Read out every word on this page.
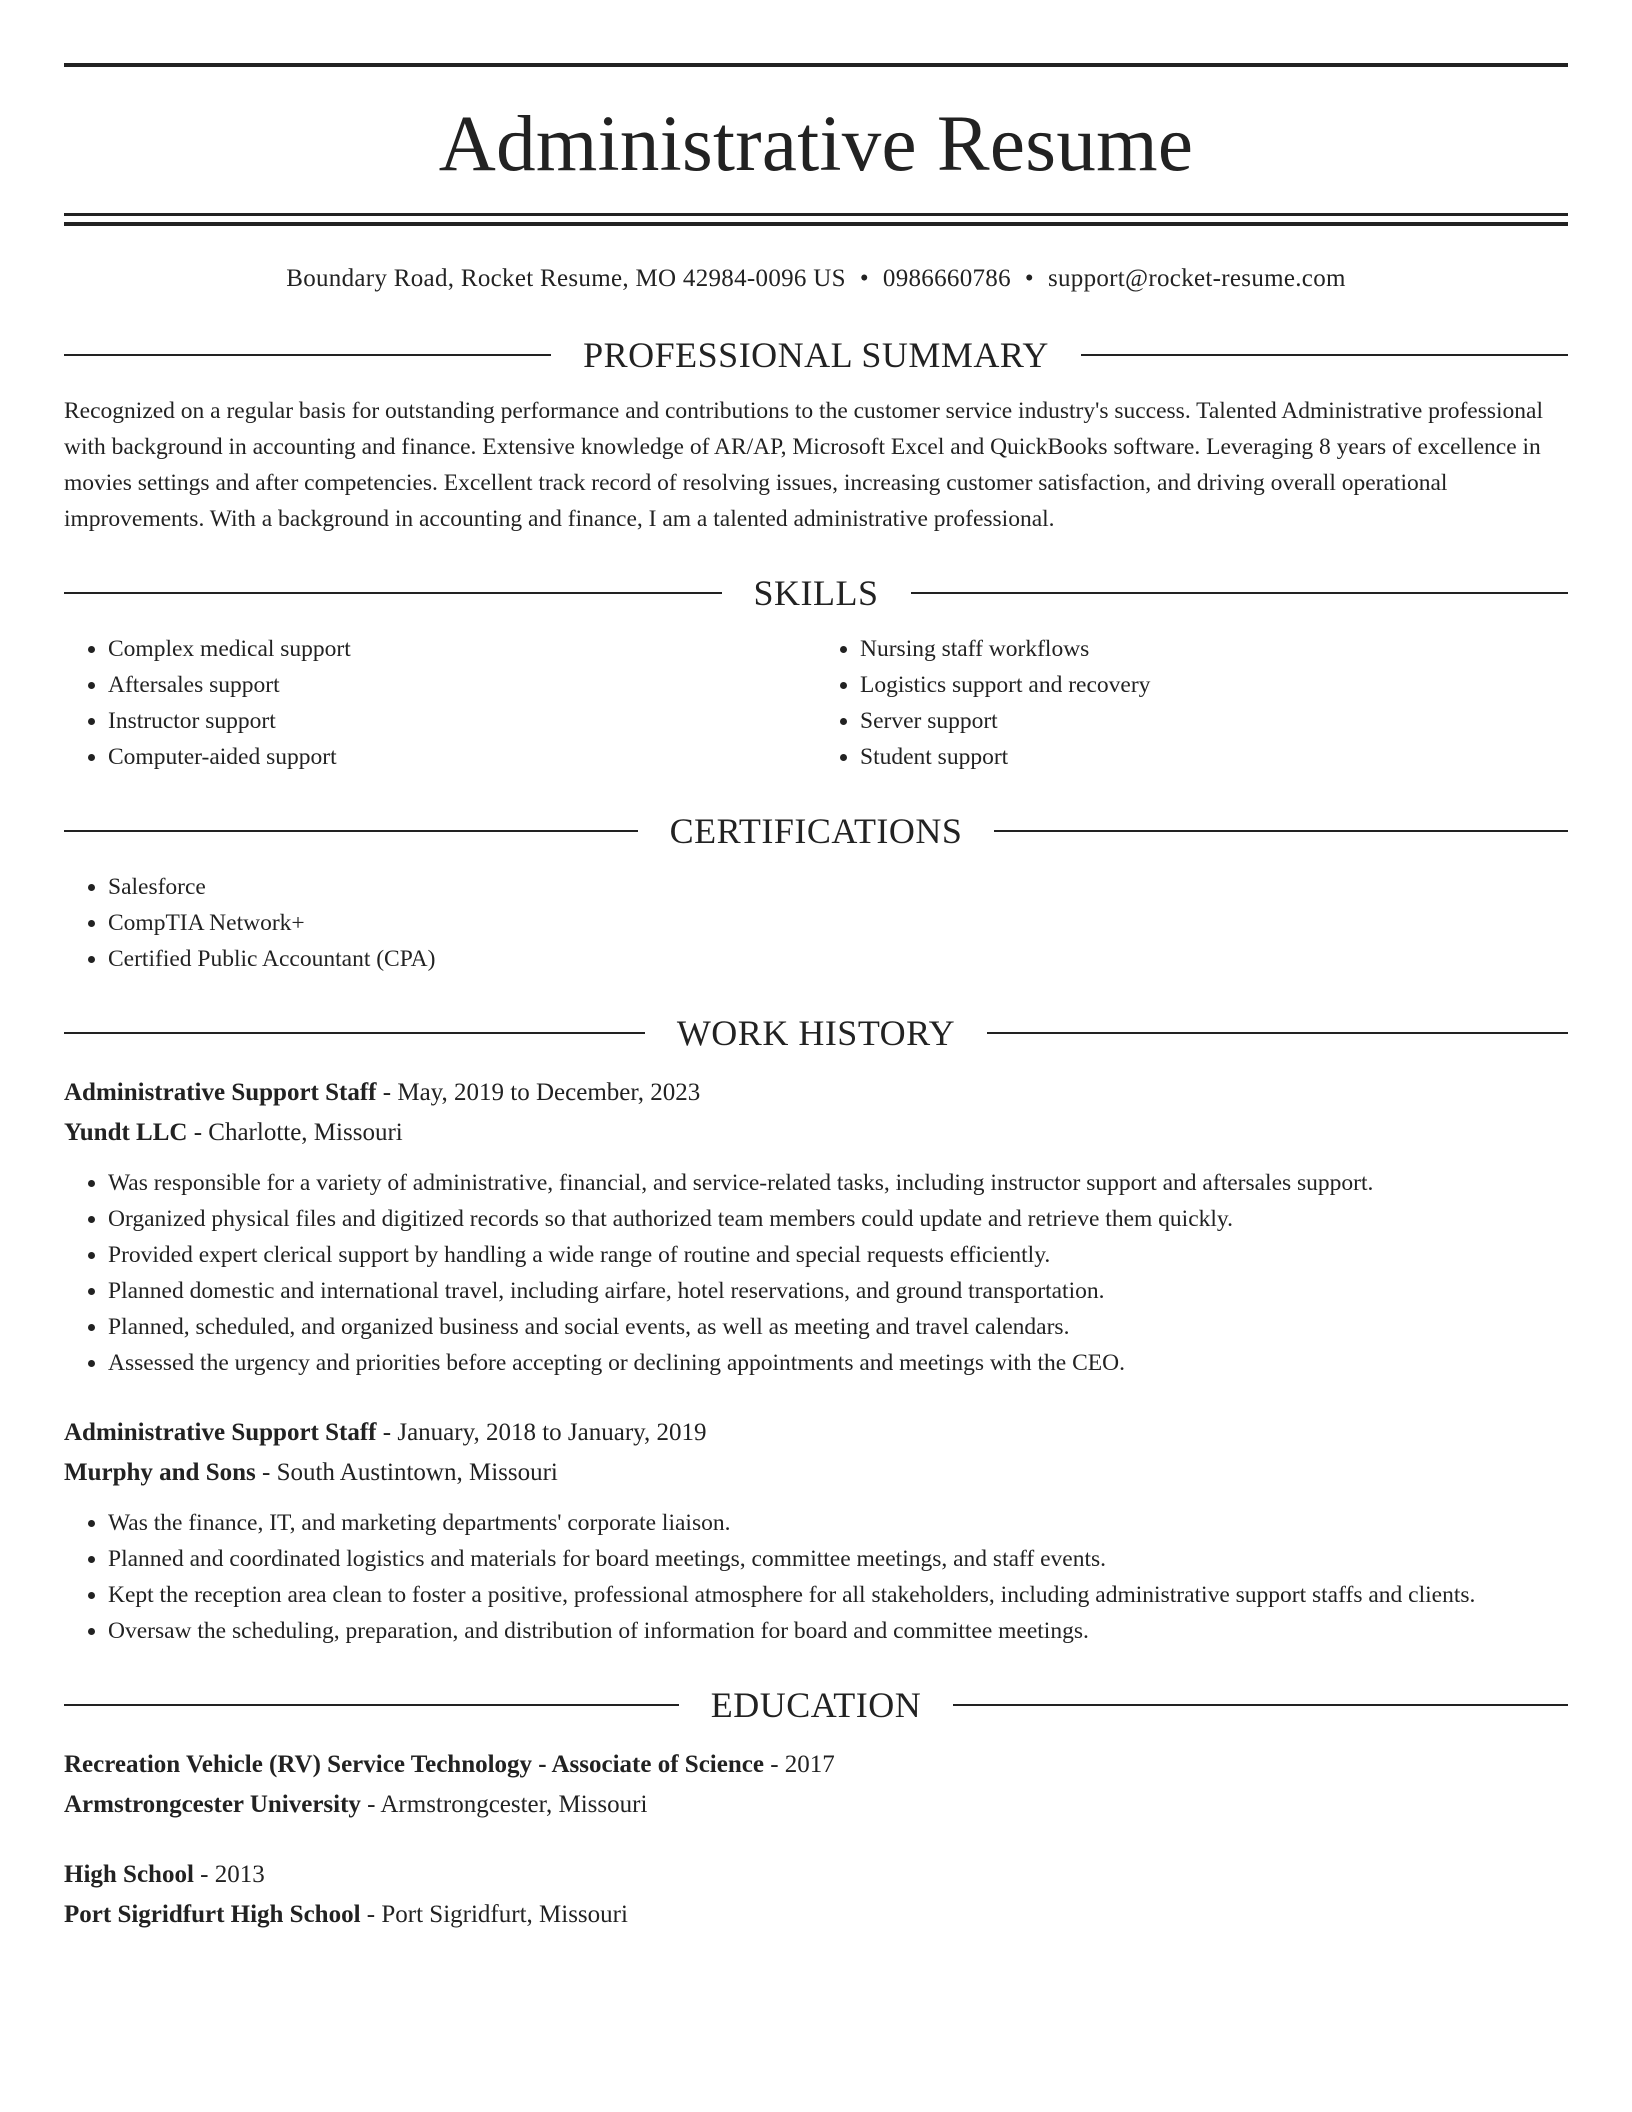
Administrative Resume
Boundary Road, Rocket Resume, MO 42984-0096 US • 0986660786 • support@rocket-resume.com
PROFESSIONAL SUMMARY
Recognized on a regular basis for outstanding performance and contributions to the customer service industry's success. Talented Administrative professional with background in accounting and finance. Extensive knowledge of AR/AP, Microsoft Excel and QuickBooks software. Leveraging 8 years of excellence in movies settings and after competencies. Excellent track record of resolving issues, increasing customer satisfaction, and driving overall operational improvements. With a background in accounting and finance, I am a talented administrative professional.
SKILLS
• Complex medical support
• Aftersales support
• Instructor support
• Computer-aided support
• Nursing staff workflows
• Logistics support and recovery
• Server support
• Student support
CERTIFICATIONS
• Salesforce
• CompTIA Network+
• Certified Public Accountant (CPA)
WORK HISTORY
Administrative Support Staff - May, 2019 to December, 2023
Yundt LLC - Charlotte, Missouri
• Was responsible for a variety of administrative, financial, and service-related tasks, including instructor support and aftersales support.
• Organized physical files and digitized records so that authorized team members could update and retrieve them quickly.
• Provided expert clerical support by handling a wide range of routine and special requests efficiently.
• Planned domestic and international travel, including airfare, hotel reservations, and ground transportation.
• Planned, scheduled, and organized business and social events, as well as meeting and travel calendars.
• Assessed the urgency and priorities before accepting or declining appointments and meetings with the CEO.
Administrative Support Staff - January, 2018 to January, 2019
Murphy and Sons - South Austintown, Missouri
• Was the finance, IT, and marketing departments' corporate liaison.
• Planned and coordinated logistics and materials for board meetings, committee meetings, and staff events.
• Kept the reception area clean to foster a positive, professional atmosphere for all stakeholders, including administrative support staffs and clients.
• Oversaw the scheduling, preparation, and distribution of information for board and committee meetings.
EDUCATION
Recreation Vehicle (RV) Service Technology - Associate of Science - 2017
Armstrongcester University - Armstrongcester, Missouri
High School - 2013
Port Sigridfurt High School - Port Sigridfurt, Missouri
